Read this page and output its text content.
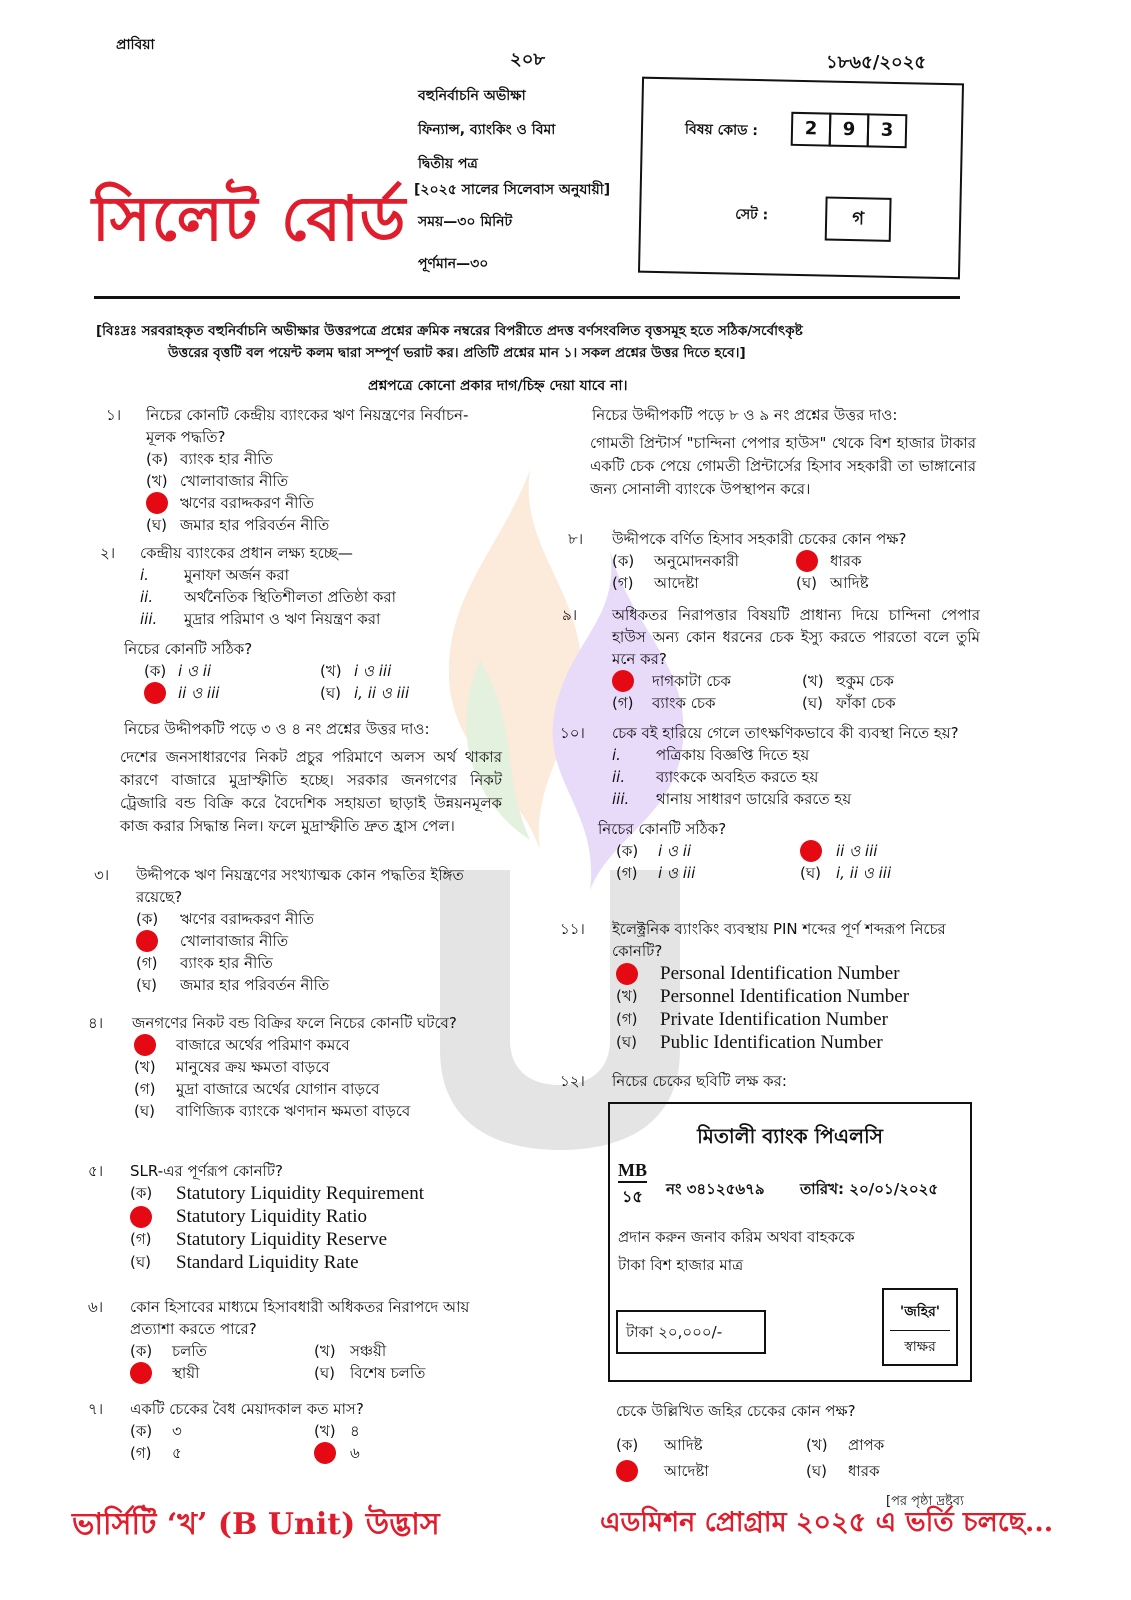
প্রাবিয়া
২০৮	১৮৬৫/২০২৫
বহুনির্বাচনি অভীক্ষা
ফিন্যান্স, ব্যাংকিং ও বিমা
দ্বিতীয় পত্র
[২০২৫ সালের সিলেবাস অনুযায়ী]
সময়—৩০ মিনিট
পূর্ণমান—৩০
সিলেট বোর্ড
বিষয় কোড :	2	9	3
সেট :	গ
[বিঃদ্রঃ সরবরাহকৃত বহুনির্বাচনি অভীক্ষার উত্তরপত্রে প্রশ্নের ক্রমিক নম্বরের বিপরীতে প্রদত্ত বর্ণসংবলিত বৃত্তসমূহ হতে সঠিক/সর্বোৎকৃষ্ট
উত্তরের বৃত্তটি বল পয়েন্ট কলম দ্বারা সম্পূর্ণ ভরাট কর। প্রতিটি প্রশ্নের মান ১। সকল প্রশ্নের উত্তর দিতে হবে।]
প্রশ্নপত্রে কোনো প্রকার দাগ/চিহ্ন দেয়া যাবে না।
১।	নিচের কোনটি কেন্দ্রীয় ব্যাংকের ঋণ নিয়ন্ত্রণের নির্বাচন-
মূলক পদ্ধতি?
(ক) ব্যাংক হার নীতি
(খ) খোলাবাজার নীতি
ঋণের বরাদ্দকরণ নীতি
(ঘ) জমার হার পরিবর্তন নীতি
২।	কেন্দ্রীয় ব্যাংকের প্রধান লক্ষ্য হচ্ছে—
i.	মুনাফা অর্জন করা
ii.	অর্থনৈতিক স্থিতিশীলতা প্রতিষ্ঠা করা
iii.	মুদ্রার পরিমাণ ও ঋণ নিয়ন্ত্রণ করা
নিচের কোনটি সঠিক?
(ক) i ও ii	(খ) i ও iii
ii ও iii	(ঘ) i, ii ও iii
নিচের উদ্দীপকটি পড়ে ৩ ও ৪ নং প্রশ্নের উত্তর দাও:
দেশের জনসাধারণের নিকট প্রচুর পরিমাণে অলস অর্থ থাকার কারণে বাজারে মুদ্রাস্ফীতি হচ্ছে। সরকার জনগণের নিকট ট্রেজারি বন্ড বিক্রি করে বৈদেশিক সহায়তা ছাড়াই উন্নয়নমূলক কাজ করার সিদ্ধান্ত নিল। ফলে মুদ্রাস্ফীতি দ্রুত হ্রাস পেল।
৩।	উদ্দীপকে ঋণ নিয়ন্ত্রণের সংখ্যাত্মক কোন পদ্ধতির ইঙ্গিত রয়েছে?
(ক)	ঋণের বরাদ্দকরণ নীতি
খোলাবাজার নীতি
(গ)	ব্যাংক হার নীতি
(ঘ)	জমার হার পরিবর্তন নীতি
৪।	জনগণের নিকট বন্ড বিক্রির ফলে নিচের কোনটি ঘটবে?
বাজারে অর্থের পরিমাণ কমবে
(খ)	মানুষের ক্রয় ক্ষমতা বাড়বে
(গ)	মুদ্রা বাজারে অর্থের যোগান বাড়বে
(ঘ)	বাণিজ্যিক ব্যাংকে ঋণদান ক্ষমতা বাড়বে
৫।	SLR-এর পূর্ণরূপ কোনটি?
(ক)	Statutory Liquidity Requirement
Statutory Liquidity Ratio
(গ)	Statutory Liquidity Reserve
(ঘ)	Standard Liquidity Rate
৬।	কোন হিসাবের মাধ্যমে হিসাবধারী অধিকতর নিরাপদে আয় প্রত্যাশা করতে পারে?
(ক)	চলতি	(খ) সঞ্চয়ী
স্থায়ী	(ঘ)	বিশেষ চলতি
৭।	একটি চেকের বৈধ মেয়াদকাল কত মাস?
(ক)	৩	(খ) ৪
(গ)	৫	৬
নিচের উদ্দীপকটি পড়ে ৮ ও ৯ নং প্রশ্নের উত্তর দাও:
গোমতী প্রিন্টার্স "চান্দিনা পেপার হাউস" থেকে বিশ হাজার টাকার একটি চেক পেয়ে গোমতী প্রিন্টার্সের হিসাব সহকারী তা ভাঙ্গানোর জন্য সোনালী ব্যাংকে উপস্থাপন করে।
৮।	উদ্দীপকে বর্ণিত হিসাব সহকারী চেকের কোন পক্ষ?
(ক)	অনুমোদনকারী	ধারক
(গ)	আদেষ্টা	(ঘ) আদিষ্ট
৯।	অধিকতর নিরাপত্তার বিষয়টি প্রাধান্য দিয়ে চান্দিনা পেপার হাউস অন্য কোন ধরনের চেক ইস্যু করতে পারতো বলে তুমি মনে কর?
দাগকাটা চেক	(খ) হুকুম চেক
(গ)	ব্যাংক চেক	(ঘ) ফাঁকা চেক
১০।	চেক বই হারিয়ে গেলে তাৎক্ষণিকভাবে কী ব্যবস্থা নিতে হয়?
i.	পত্রিকায় বিজ্ঞপ্তি দিতে হয়
ii.	ব্যাংককে অবহিত করতে হয়
iii.	থানায় সাধারণ ডায়েরি করতে হয়
নিচের কোনটি সঠিক?
(ক)	i ও ii	ii ও iii
(গ)	i ও iii	(ঘ)	i, ii ও iii
১১।	ইলেক্ট্রনিক ব্যাংকিং ব্যবস্থায় PIN শব্দের পূর্ণ শব্দরূপ নিচের কোনটি?
Personal Identification Number
(খ)	Personnel Identification Number
(গ)	Private Identification Number
(ঘ)	Public Identification Number
১২।	নিচের চেকের ছবিটি লক্ষ কর:
মিতালী ব্যাংক পিএলসি
MB
১৫ নং ৩৪১২৫৬৭৯ তারিখ: ২০/০১/২০২৫
প্রদান করুন জনাব করিম অথবা বাহককে
টাকা বিশ হাজার মাত্র
টাকা ২০,০০০/-
'জহির'
স্বাক্ষর
চেকে উল্লিখিত জহির চেকের কোন পক্ষ?
(ক)	আদিষ্ট	(খ)	প্রাপক
আদেষ্টা	(ঘ)	ধারক
[পর পৃষ্ঠা দ্রষ্টব্য
ভার্সিটি ‘খ’ (B Unit) উদ্ভাস	এডমিশন প্রোগ্রাম ২০২৫ এ ভর্তি চলছে...
